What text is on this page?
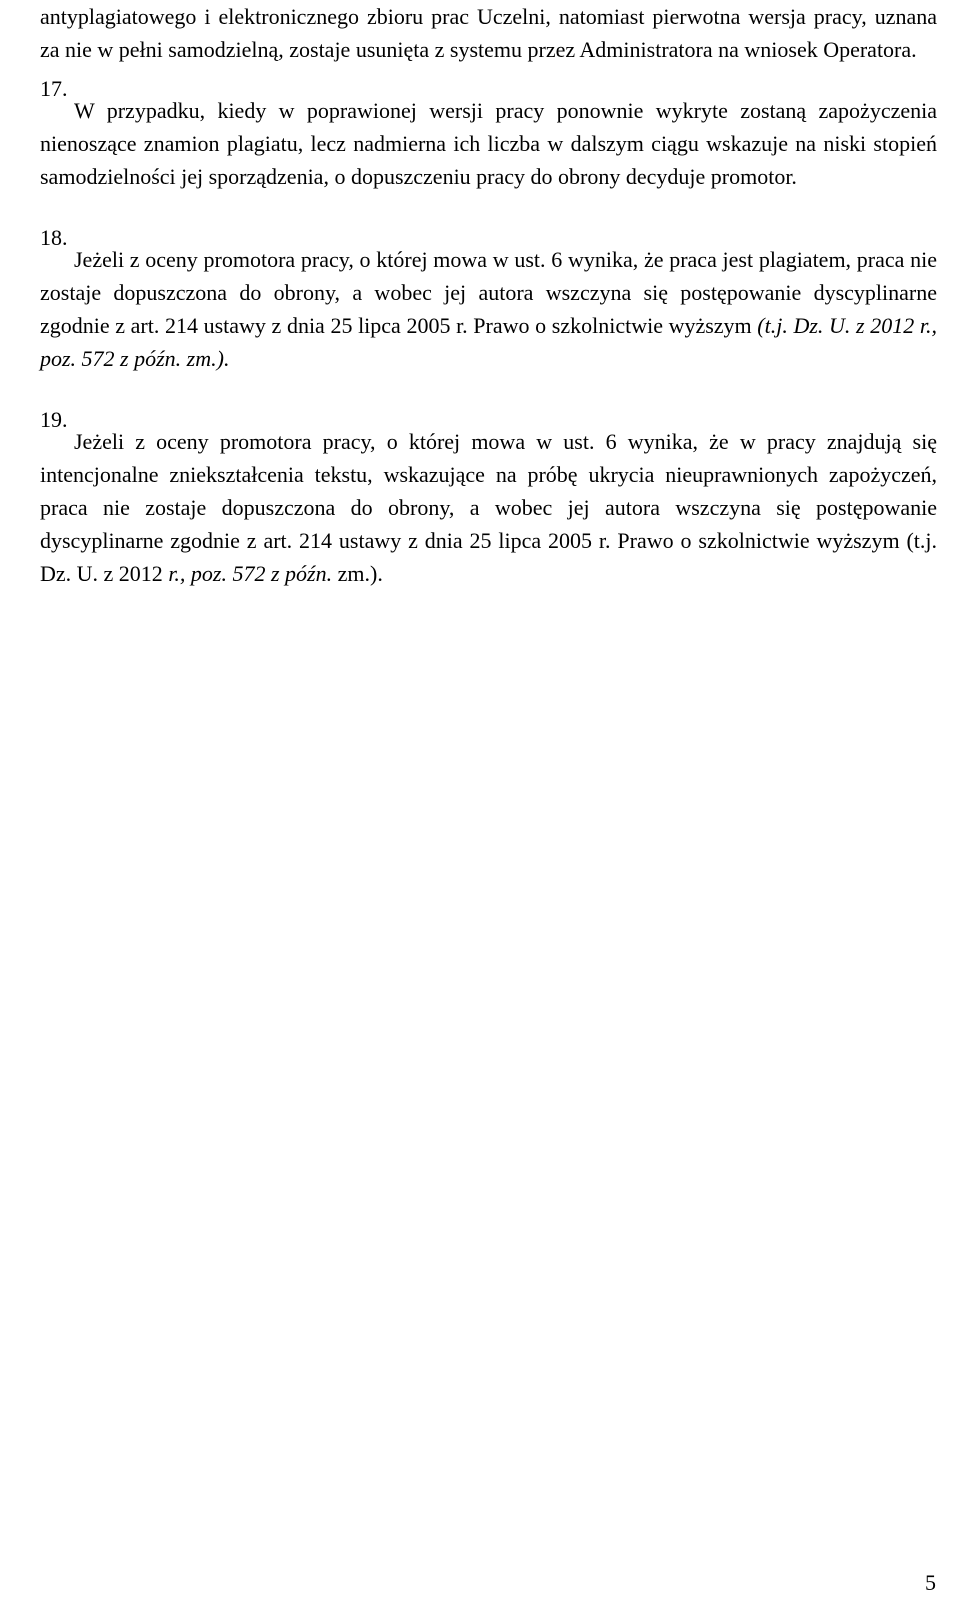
antyplagiatowego i elektronicznego zbioru prac Uczelni, natomiast pierwotna wersja pracy, uznana za nie w pełni samodzielną, zostaje usunięta z systemu przez Administratora na wniosek Operatora.

17.

W przypadku, kiedy w poprawionej wersji pracy ponownie wykryte zostaną zapożyczenia nienoszące znamion plagiatu, lecz nadmierna ich liczba w dalszym ciągu wskazuje na niski stopień samodzielności jej sporządzenia, o dopuszczeniu pracy do obrony decyduje promotor.

18.

Jeżeli z oceny promotora pracy, o której mowa w ust. 6 wynika, że praca jest plagiatem, praca nie zostaje dopuszczona do obrony, a wobec jej autora wszczyna się postępowanie dyscyplinarne zgodnie z art. 214 ustawy z dnia 25 lipca 2005 r. Prawo o szkolnictwie wyższym (t.j. Dz. U. z 2012 r., poz. 572 z późn. zm.).

19.

Jeżeli z oceny promotora pracy, o której mowa w ust. 6 wynika, że w pracy znajdują się intencjonalne zniekształcenia tekstu, wskazujące na próbę ukrycia nieuprawnionych zapożyczeń, praca nie zostaje dopuszczona do obrony, a wobec jej autora wszczyna się postępowanie dyscyplinarne zgodnie z art. 214 ustawy z dnia 25 lipca 2005 r. Prawo o szkolnictwie wyższym (t.j. Dz. U. z 2012 r., poz. 572 z późn. zm.).

5
